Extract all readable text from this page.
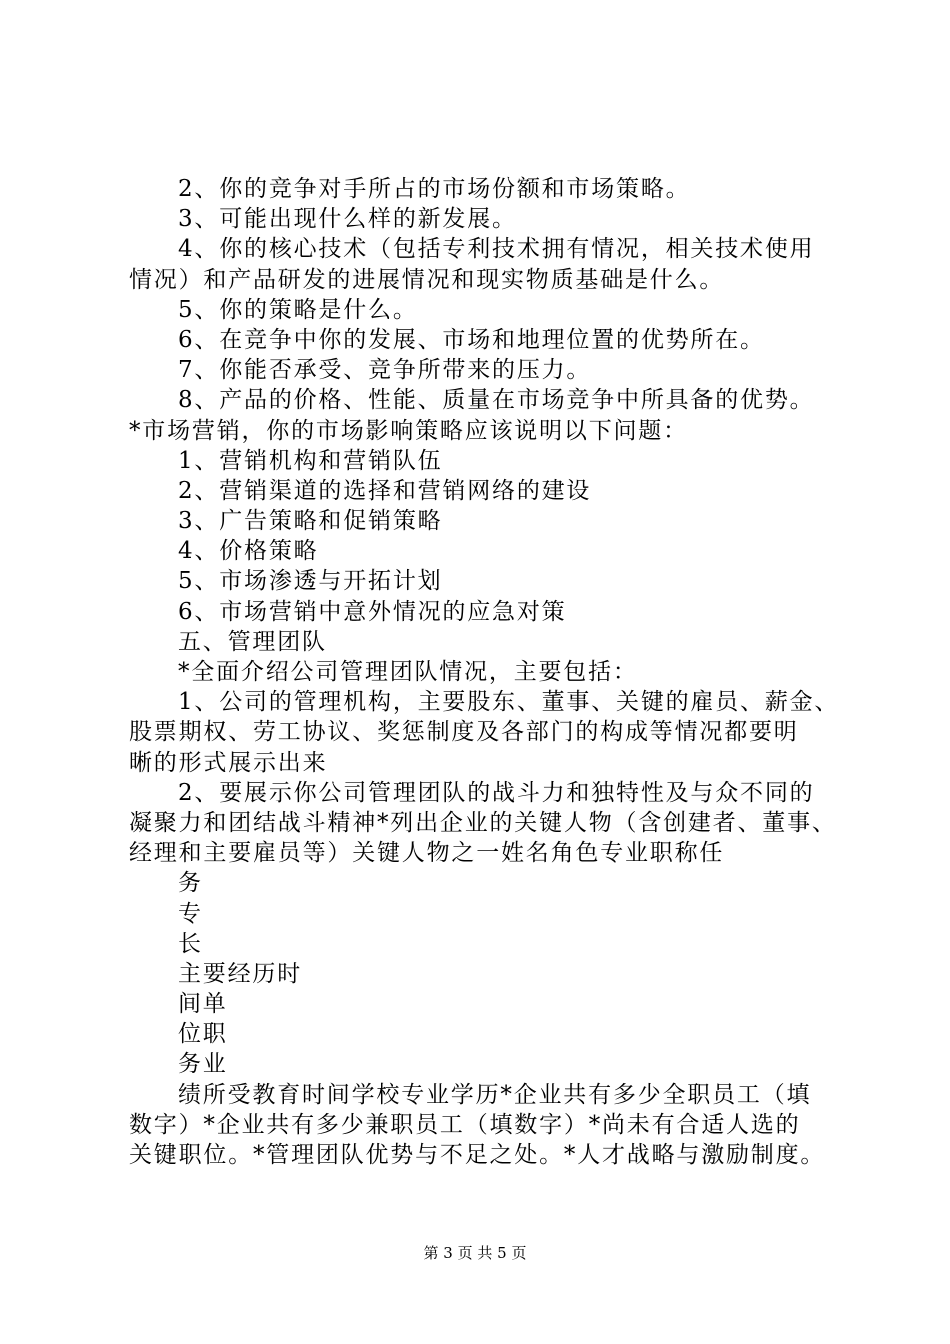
2、你的竞争对手所占的市场份额和市场策略。
3、可能出现什么样的新发展。
4、你的核心技术（包括专利技术拥有情况，相关技术使用
情况）和产品研发的进展情况和现实物质基础是什么。
5、你的策略是什么。
6、在竞争中你的发展、市场和地理位置的优势所在。
7、你能否承受、竞争所带来的压力。
8、产品的价格、性能、质量在市场竞争中所具备的优势。
*市场营销，你的市场影响策略应该说明以下问题：
1、营销机构和营销队伍
2、营销渠道的选择和营销网络的建设
3、广告策略和促销策略
4、价格策略
5、市场渗透与开拓计划
6、市场营销中意外情况的应急对策
五、管理团队
*全面介绍公司管理团队情况，主要包括：
1、公司的管理机构，主要股东、董事、关键的雇员、薪金、
股票期权、劳工协议、奖惩制度及各部门的构成等情况都要明
晰的形式展示出来
2、要展示你公司管理团队的战斗力和独特性及与众不同的
凝聚力和团结战斗精神*列出企业的关键人物（含创建者、董事、
经理和主要雇员等）关键人物之一姓名角色专业职称任
务
专
长
主要经历时
间单
位职
务业
绩所受教育时间学校专业学历*企业共有多少全职员工（填
数字）*企业共有多少兼职员工（填数字）*尚未有合适人选的
关键职位。*管理团队优势与不足之处。*人才战略与激励制度。
第 3 页 共 5 页
